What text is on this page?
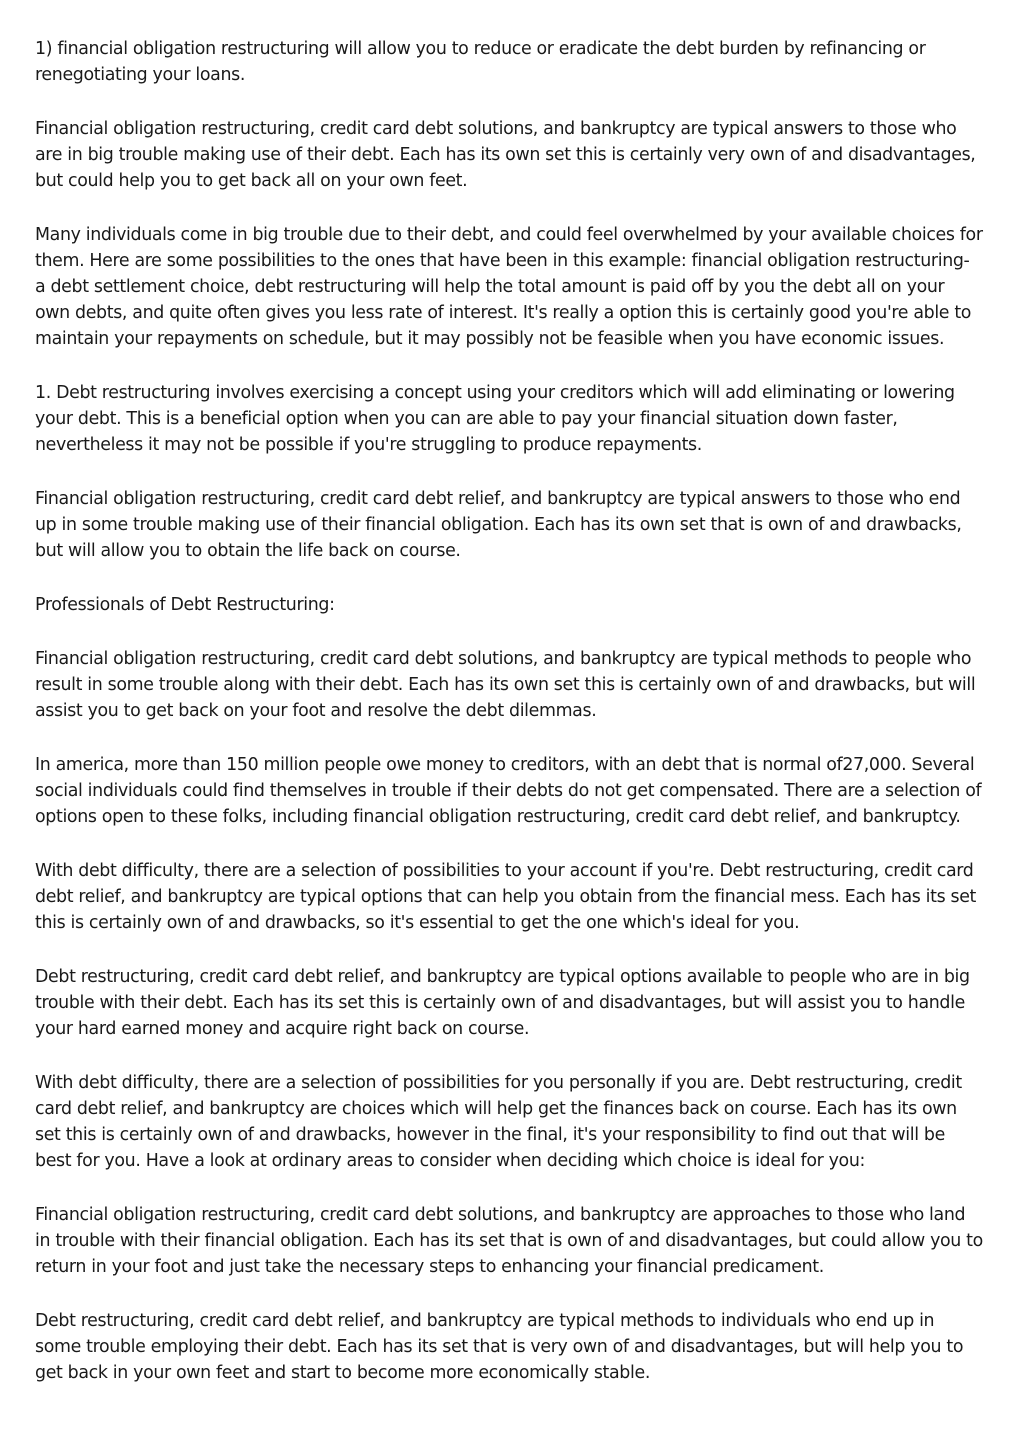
1) financial obligation restructuring will allow you to reduce or eradicate the debt burden by refinancing or renegotiating your loans.

Financial obligation restructuring, credit card debt solutions, and bankruptcy are typical answers to those who are in big trouble making use of their debt. Each has its own set this is certainly very own of and disadvantages, but could help you to get back all on your own feet.

Many individuals come in big trouble due to their debt, and could feel overwhelmed by your available choices for them. Here are some possibilities to the ones that have been in this example: financial obligation restructuring- a debt settlement choice, debt restructuring will help the total amount is paid off by you the debt all on your own debts, and quite often gives you less rate of interest. It's really a option this is certainly good you're able to maintain your repayments on schedule, but it may possibly not be feasible when you have economic issues.

1. Debt restructuring involves exercising a concept using your creditors which will add eliminating or lowering your debt. This is a beneficial option when you can are able to pay your financial situation down faster, nevertheless it may not be possible if you're struggling to produce repayments.

Financial obligation restructuring, credit card debt relief, and bankruptcy are typical answers to those who end up in some trouble making use of their financial obligation. Each has its own set that is own of and drawbacks, but will allow you to obtain the life back on course.

Professionals of Debt Restructuring:

Financial obligation restructuring, credit card debt solutions, and bankruptcy are typical methods to people who result in some trouble along with their debt. Each has its own set this is certainly own of and drawbacks, but will assist you to get back on your foot and resolve the debt dilemmas.

In america, more than 150 million people owe money to creditors, with an debt that is normal of27,000. Several social individuals could find themselves in trouble if their debts do not get compensated. There are a selection of options open to these folks, including financial obligation restructuring, credit card debt relief, and bankruptcy.

With debt difficulty, there are a selection of possibilities to your account if you're. Debt restructuring, credit card debt relief, and bankruptcy are typical options that can help you obtain from the financial mess. Each has its set this is certainly own of and drawbacks, so it's essential to get the one which's ideal for you.

Debt restructuring, credit card debt relief, and bankruptcy are typical options available to people who are in big trouble with their debt. Each has its set this is certainly own of and disadvantages, but will assist you to handle your hard earned money and acquire right back on course.

With debt difficulty, there are a selection of possibilities for you personally if you are. Debt restructuring, credit card debt relief, and bankruptcy are choices which will help get the finances back on course. Each has its own set this is certainly own of and drawbacks, however in the final, it's your responsibility to find out that will be best for you. Have a look at ordinary areas to consider when deciding which choice is ideal for you:

Financial obligation restructuring, credit card debt solutions, and bankruptcy are approaches to those who land in trouble with their financial obligation. Each has its set that is own of and disadvantages, but could allow you to return in your foot and just take the necessary steps to enhancing your financial predicament.

Debt restructuring, credit card debt relief, and bankruptcy are typical methods to individuals who end up in some trouble employing their debt. Each has its set that is very own of and disadvantages, but will help you to get back in your own feet and start to become more economically stable.
